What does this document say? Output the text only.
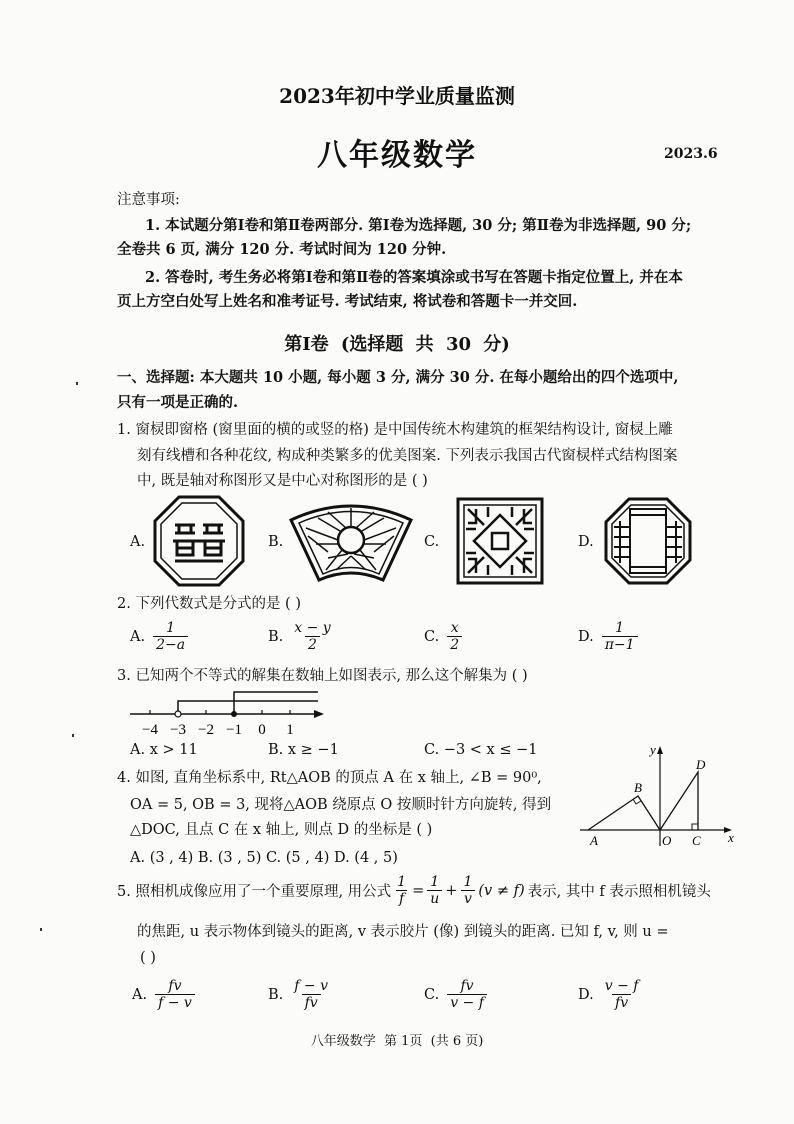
2023年初中学业质量监测
八年级数学	2023.6
注意事项:
1. 本试题分第Ⅰ卷和第Ⅱ卷两部分. 第Ⅰ卷为选择题, 30 分; 第Ⅱ卷为非选择题, 90 分;
全卷共 6 页, 满分 120 分. 考试时间为 120 分钟.
2. 答卷时, 考生务必将第Ⅰ卷和第Ⅱ卷的答案填涂或书写在答题卡指定位置上, 并在本
页上方空白处写上姓名和准考证号. 考试结束, 将试卷和答题卡一并交回.
第Ⅰ卷 (选择题 共 30 分)
一、选择题: 本大题共 10 小题, 每小题 3 分, 满分 30 分. 在每小题给出的四个选项中,
只有一项是正确的.
1. 窗棂即窗格 (窗里面的横的或竖的格) 是中国传统木构建筑的框架结构设计, 窗棂上雕
刻有线槽和各种花纹, 构成种类繁多的优美图案. 下列表示我国古代窗棂样式结构图案
中, 既是轴对称图形又是中心对称图形的是 ( )
A.	B.	C.	D.
2. 下列代数式是分式的是 ( )
A. $\frac{1}{2-a}$	B. $\frac{x - y}{2}$	C. $\frac{x}{2}$	D. $\frac{1}{\pi-1}$
3. 已知两个不等式的解集在数轴上如图表示, 那么这个解集为 ( )
−4 −3 −2 −1 0 1
A. x > 11	B. x ≥ −1	C. −3 < x ≤ −1
4. 如图, 直角坐标系中, Rt△AOB 的顶点 A 在 x 轴上, ∠B = 90⁰,
OA = 5, OB = 3, 现将△AOB 绕原点 O 按顺时针方向旋转, 得到
△DOC, 且点 C 在 x 轴上, 则点 D 的坐标是 ( )
A. (3 , 4) B. (3 , 5) C. (5 , 4) D. (4 , 5)
y
x
A
B
O C
D
5. 照相机成像应用了一个重要原理, 用公式 $\frac{1}{f} = \frac{1}{u} + \frac{1}{v} (v \ne f)$ 表示, 其中 f 表示照相机镜头
的焦距, u 表示物体到镜头的距离, v 表示胶片 (像) 到镜头的距离. 已知 f, v, 则 u =
( )
A. $\frac{fv}{f - v}$	B. $\frac{f - v}{fv}$	C. $\frac{fv}{v - f}$	D. $\frac{v - f}{fv}$
八年级数学  第 1页  (共 6 页)
